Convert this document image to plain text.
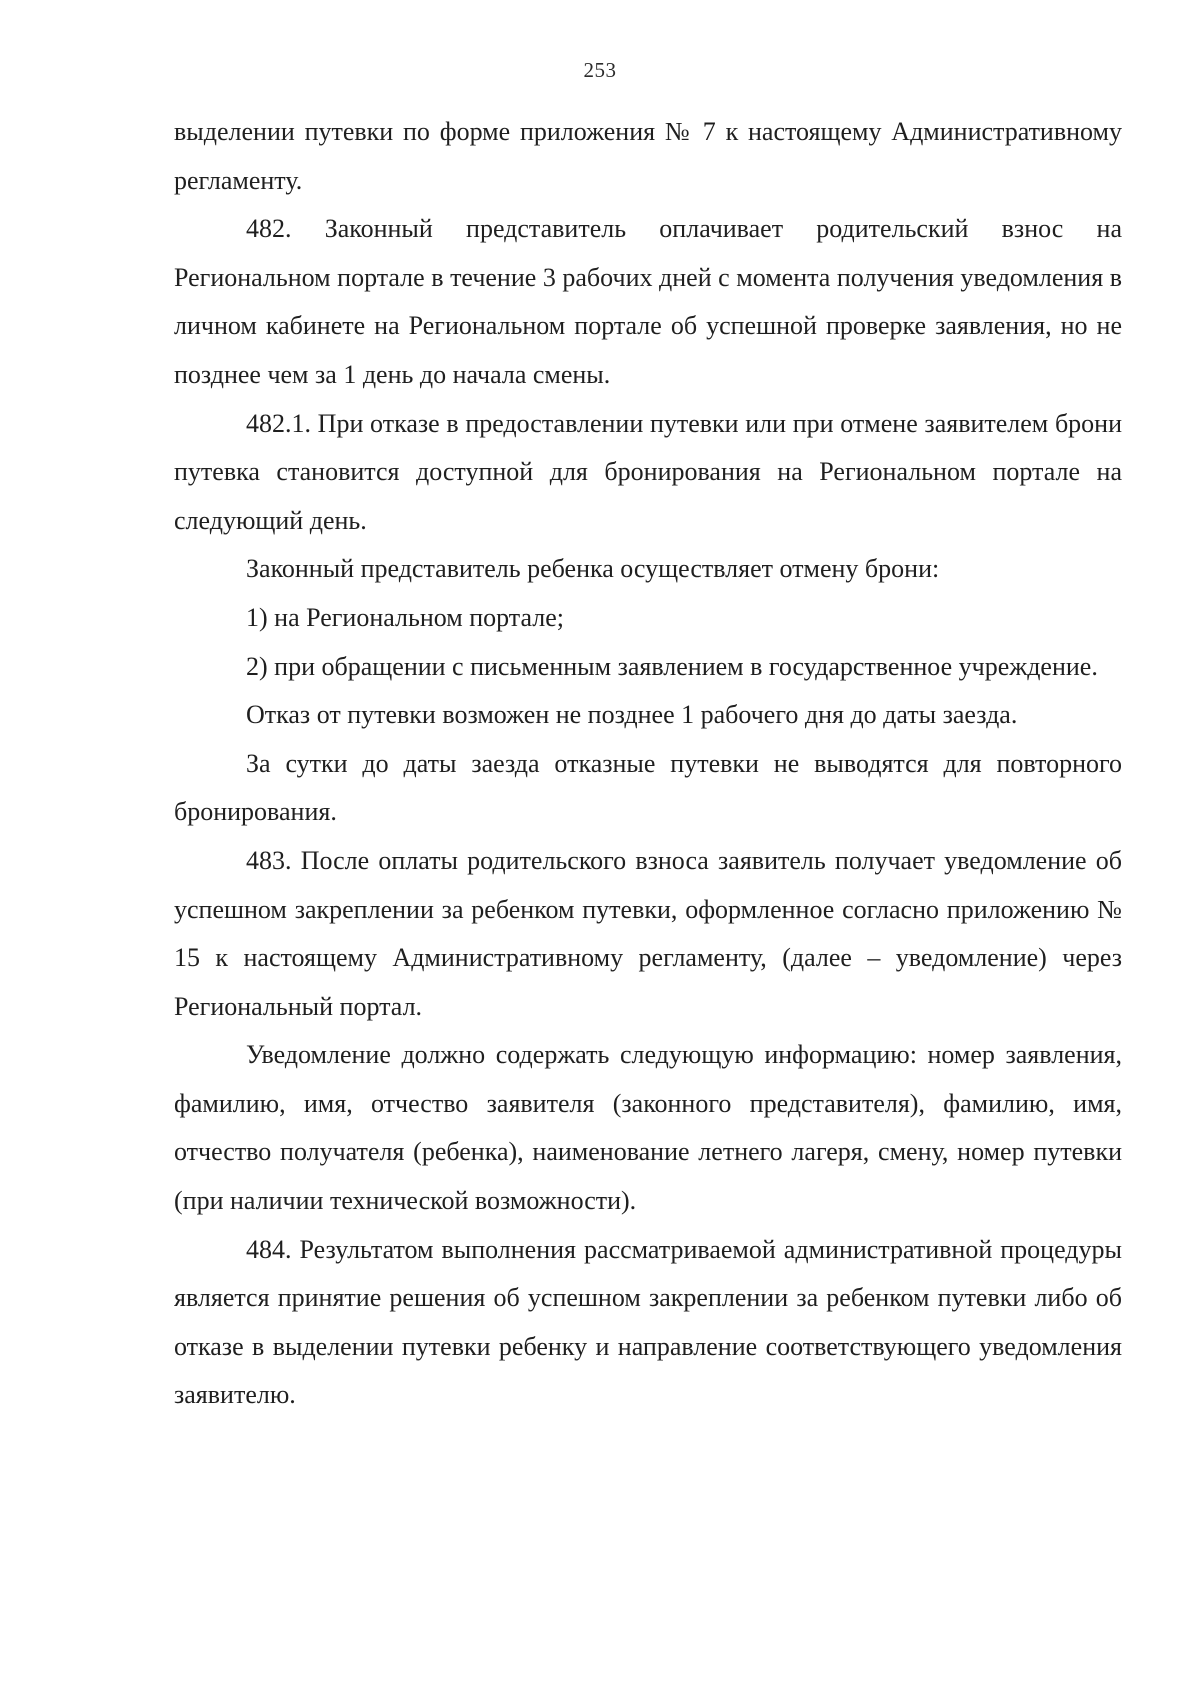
253

выделении путевки по форме приложения № 7 к настоящему Административному регламенту.

482. Законный представитель оплачивает родительский взнос на Региональном портале в течение 3 рабочих дней с момента получения уведомления в личном кабинете на Региональном портале об успешной проверке заявления, но не позднее чем за 1 день до начала смены.

482.1. При отказе в предоставлении путевки или при отмене заявителем брони путевка становится доступной для бронирования на Региональном портале на следующий день.

Законный представитель ребенка осуществляет отмену брони:

1) на Региональном портале;

2) при обращении с письменным заявлением в государственное учреждение.

Отказ от путевки возможен не позднее 1 рабочего дня до даты заезда.

За сутки до даты заезда отказные путевки не выводятся для повторного бронирования.

483. После оплаты родительского взноса заявитель получает уведомление об успешном закреплении за ребенком путевки, оформленное согласно приложению № 15 к настоящему Административному регламенту, (далее – уведомление) через Региональный портал.

Уведомление должно содержать следующую информацию: номер заявления, фамилию, имя, отчество заявителя (законного представителя), фамилию, имя, отчество получателя (ребенка), наименование летнего лагеря, смену, номер путевки (при наличии технической возможности).

484. Результатом выполнения рассматриваемой административной процедуры является принятие решения об успешном закреплении за ребенком путевки либо об отказе в выделении путевки ребенку и направление соответствующего уведомления заявителю.
